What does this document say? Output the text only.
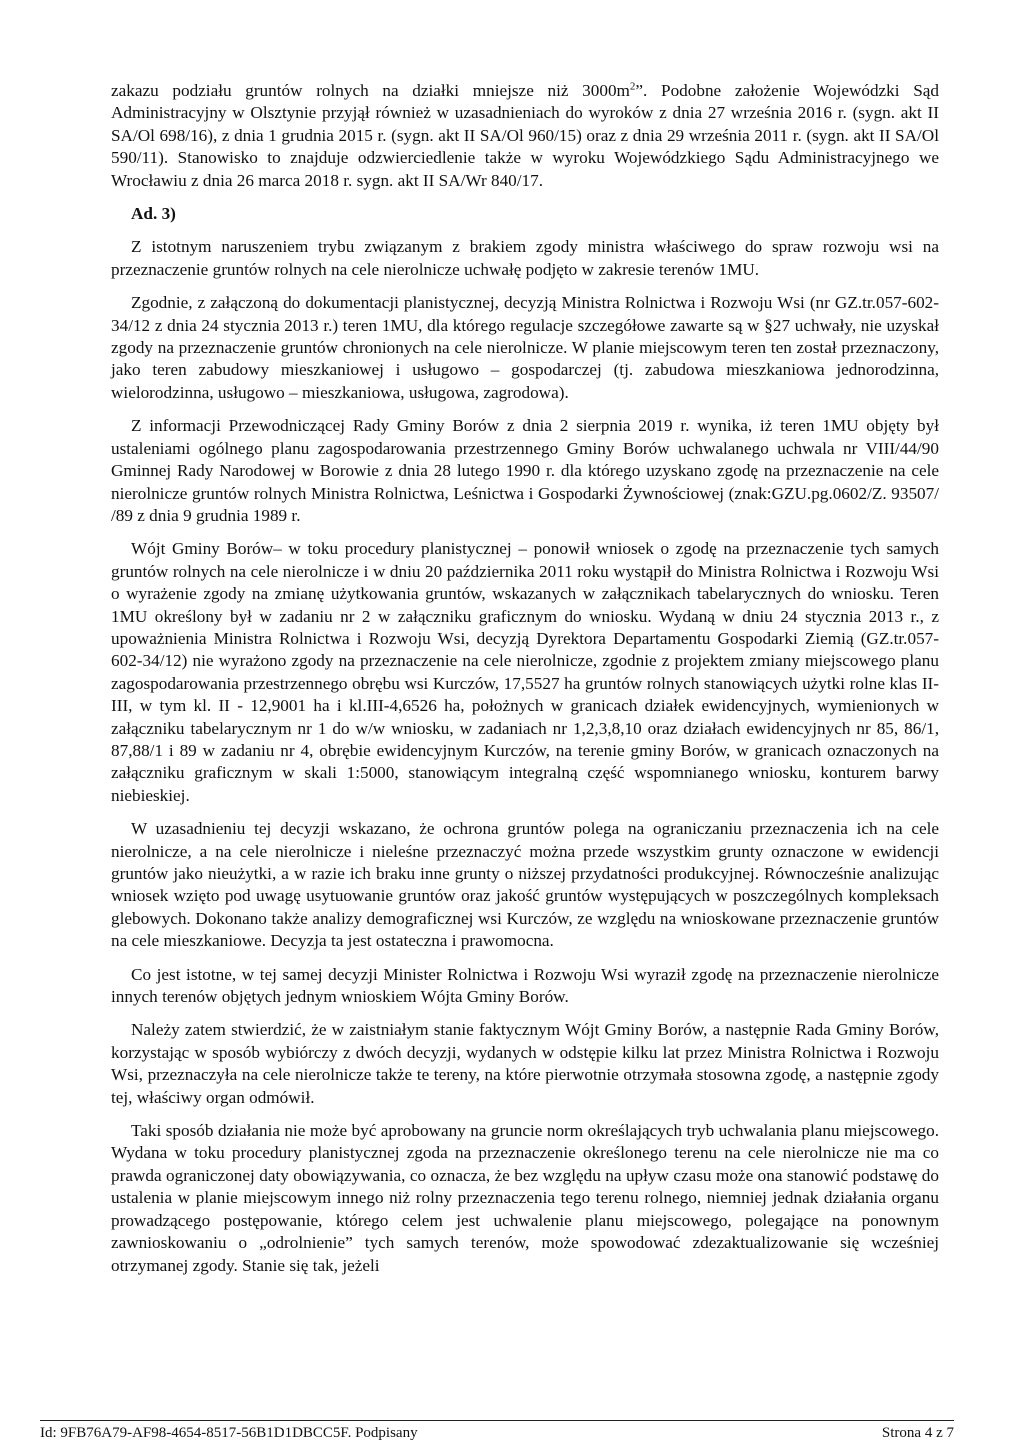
zakazu podziału gruntów rolnych na działki mniejsze niż $3000m^2$”. Podobne założenie Wojewódzki Sąd Administracyjny w Olsztynie przyjął również w uzasadnieniach do wyroków z dnia 27 września 2016 r. (sygn. akt II SA/Ol 698/16), z dnia 1 grudnia 2015 r. (sygn. akt II SA/Ol 960/15) oraz z dnia 29 września 2011 r. (sygn. akt II SA/Ol 590/11). Stanowisko to znajduje odzwierciedlenie także w wyroku Wojewódzkiego Sądu Administracyjnego we Wrocławiu z dnia 26 marca 2018 r. sygn. akt II SA/Wr 840/17.

Ad. 3)

Z istotnym naruszeniem trybu związanym z brakiem zgody ministra właściwego do spraw rozwoju wsi na przeznaczenie gruntów rolnych na cele nierolnicze uchwałę podjęto w zakresie terenów 1MU.

Zgodnie, z załączoną do dokumentacji planistycznej, decyzją Ministra Rolnictwa i Rozwoju Wsi (nr GZ.tr.057-602-34/12 z dnia 24 stycznia 2013 r.) teren 1MU, dla którego regulacje szczegółowe zawarte są w §27 uchwały, nie uzyskał zgody na przeznaczenie gruntów chronionych na cele nierolnicze. W planie miejscowym teren ten został przeznaczony, jako teren zabudowy mieszkaniowej i usługowo – gospodarczej (tj. zabudowa mieszkaniowa jednorodzinna, wielorodzinna, usługowo – mieszkaniowa, usługowa, zagrodowa).

Z informacji Przewodniczącej Rady Gminy Borów z dnia 2 sierpnia 2019 r. wynika, iż teren 1MU objęty był ustaleniami ogólnego planu zagospodarowania przestrzennego Gminy Borów uchwalanego uchwala nr VIII/44/90 Gminnej Rady Narodowej w Borowie z dnia 28 lutego 1990 r. dla którego uzyskano zgodę na przeznaczenie na cele nierolnicze gruntów rolnych Ministra Rolnictwa, Leśnictwa i Gospodarki Żywnościowej (znak:GZU.pg.0602/Z. 93507/ /89 z dnia 9 grudnia 1989 r.

Wójt Gminy Borów– w toku procedury planistycznej – ponowił wniosek o zgodę na przeznaczenie tych samych gruntów rolnych na cele nierolnicze i w dniu 20 października 2011 roku wystąpił do Ministra Rolnictwa i Rozwoju Wsi o wyrażenie zgody na zmianę użytkowania gruntów, wskazanych w załącznikach tabelarycznych do wniosku. Teren 1MU określony był w zadaniu nr 2 w załączniku graficznym do wniosku. Wydaną w dniu 24 stycznia 2013 r., z upoważnienia Ministra Rolnictwa i Rozwoju Wsi, decyzją Dyrektora Departamentu Gospodarki Ziemią (GZ.tr.057-602-34/12) nie wyrażono zgody na przeznaczenie na cele nierolnicze, zgodnie z projektem zmiany miejscowego planu zagospodarowania przestrzennego obrębu wsi Kurczów, 17,5527 ha gruntów rolnych stanowiących użytki rolne klas II-III, w tym kl. II - 12,9001 ha i kl.III-4,6526 ha, położnych w granicach działek ewidencyjnych, wymienionych w załączniku tabelarycznym nr 1 do w/w wniosku, w zadaniach nr 1,2,3,8,10 oraz działach ewidencyjnych nr 85, 86/1, 87,88/1 i 89 w zadaniu nr 4, obrębie ewidencyjnym Kurczów, na terenie gminy Borów, w granicach oznaczonych na załączniku graficznym w skali 1:5000, stanowiącym integralną część wspomnianego wniosku, konturem barwy niebieskiej.

W uzasadnieniu tej decyzji wskazano, że ochrona gruntów polega na ograniczaniu przeznaczenia ich na cele nierolnicze, a na cele nierolnicze i nieleśne przeznaczyć można przede wszystkim grunty oznaczone w ewidencji gruntów jako nieużytki, a w razie ich braku inne grunty o niższej przydatności produkcyjnej. Równocześnie analizując wniosek wzięto pod uwagę usytuowanie gruntów oraz jakość gruntów występujących w poszczególnych kompleksach glebowych. Dokonano także analizy demograficznej wsi Kurczów, ze względu na wnioskowane przeznaczenie gruntów na cele mieszkaniowe. Decyzja ta jest ostateczna i prawomocna.

Co jest istotne, w tej samej decyzji Minister Rolnictwa i Rozwoju Wsi wyraził zgodę na przeznaczenie nierolnicze innych terenów objętych jednym wnioskiem Wójta Gminy Borów.

Należy zatem stwierdzić, że w zaistniałym stanie faktycznym Wójt Gminy Borów, a następnie Rada Gminy Borów, korzystając w sposób wybiórczy z dwóch decyzji, wydanych w odstępie kilku lat przez Ministra Rolnictwa i Rozwoju Wsi, przeznaczyła na cele nierolnicze także te tereny, na które pierwotnie otrzymała stosowna zgodę, a następnie zgody tej, właściwy organ odmówił.

Taki sposób działania nie może być aprobowany na gruncie norm określających tryb uchwalania planu miejscowego. Wydana w toku procedury planistycznej zgoda na przeznaczenie określonego terenu na cele nierolnicze nie ma co prawda ograniczonej daty obowiązywania, co oznacza, że bez względu na upływ czasu może ona stanowić podstawę do ustalenia w planie miejscowym innego niż rolny przeznaczenia tego terenu rolnego, niemniej jednak działania organu prowadzącego postępowanie, którego celem jest uchwalenie planu miejscowego, polegające na ponownym zawnioskowaniu o „odrolnienie” tych samych terenów, może spowodować zdezaktualizowanie się wcześniej otrzymanej zgody. Stanie się tak, jeżeli

Id: 9FB76A79-AF98-4654-8517-56B1D1DBCC5F. Podpisany	Strona 4 z 7
